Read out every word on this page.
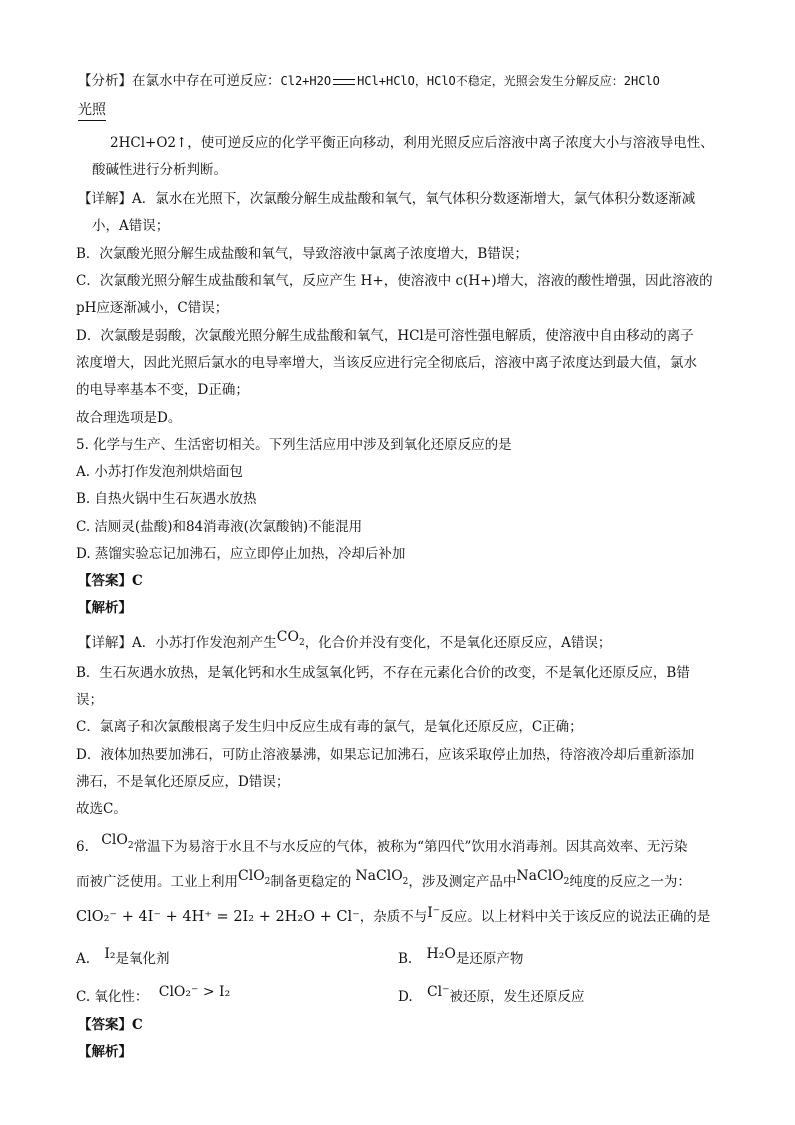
【分析】在氯水中存在可逆反应：Cl2+H2O HCl+HClO，HClO不稳定，光照会发生分解反应：2HClO
光照
2HCl+O2↑，使可逆反应的化学平衡正向移动，利用光照反应后溶液中离子浓度大小与溶液导电性、
酸碱性进行分析判断。
【详解】A．氯水在光照下，次氯酸分解生成盐酸和氧气，氧气体积分数逐渐增大，氯气体积分数逐渐减
小，A错误；
B．次氯酸光照分解生成盐酸和氧气，导致溶液中氯离子浓度增大，B错误；
C．次氯酸光照分解生成盐酸和氧气，反应产生 H+，使溶液中 c(H+)增大，溶液的酸性增强，因此溶液的
pH应逐渐减小，C错误；
D．次氯酸是弱酸，次氯酸光照分解生成盐酸和氧气，HCl是可溶性强电解质，使溶液中自由移动的离子
浓度增大，因此光照后氯水的电导率增大，当该反应进行完全彻底后，溶液中离子浓度达到最大值，氯水
的电导率基本不变，D正确；
故合理选项是D。
5. 化学与生产、生活密切相关。下列生活应用中涉及到氧化还原反应的是
A. 小苏打作发泡剂烘焙面包
B. 自热火锅中生石灰遇水放热
C. 洁厕灵(盐酸)和84消毒液(次氯酸钠)不能混用
D. 蒸馏实验忘记加沸石，应立即停止加热，冷却后补加
【答案】C
【解析】
【详解】A．小苏打作发泡剂产生$CO_2$，化合价并没有变化，不是氧化还原反应，A错误；
B．生石灰遇水放热，是氧化钙和水生成氢氧化钙，不存在元素化合价的改变，不是氧化还原反应，B错
误；
C．氯离子和次氯酸根离子发生归中反应生成有毒的氯气，是氧化还原反应，C正确；
D．液体加热要加沸石，可防止溶液暴沸，如果忘记加沸石，应该采取停止加热，待溶液冷却后重新添加
沸石，不是氧化还原反应，D错误；
故选C。
6. ClO$_2$常温下为易溶于水且不与水反应的气体，被称为“第四代”饮用水消毒剂。因其高效率、无污染
而被广泛使用。工业上利用ClO$_2$制备更稳定的 NaClO$_2$，涉及测定产品中NaClO$_2$纯度的反应之一为：
ClO₂⁻ + 4I⁻ + 4H⁺ = 2I₂ + 2H₂O + Cl⁻，杂质不与I⁻反应。以上材料中关于该反应的说法正确的是
A. I₂是氧化剂	B. H₂O是还原产物
C. 氧化性： ClO₂⁻ > I₂	D. Cl⁻被还原，发生还原反应
【答案】C
【解析】
